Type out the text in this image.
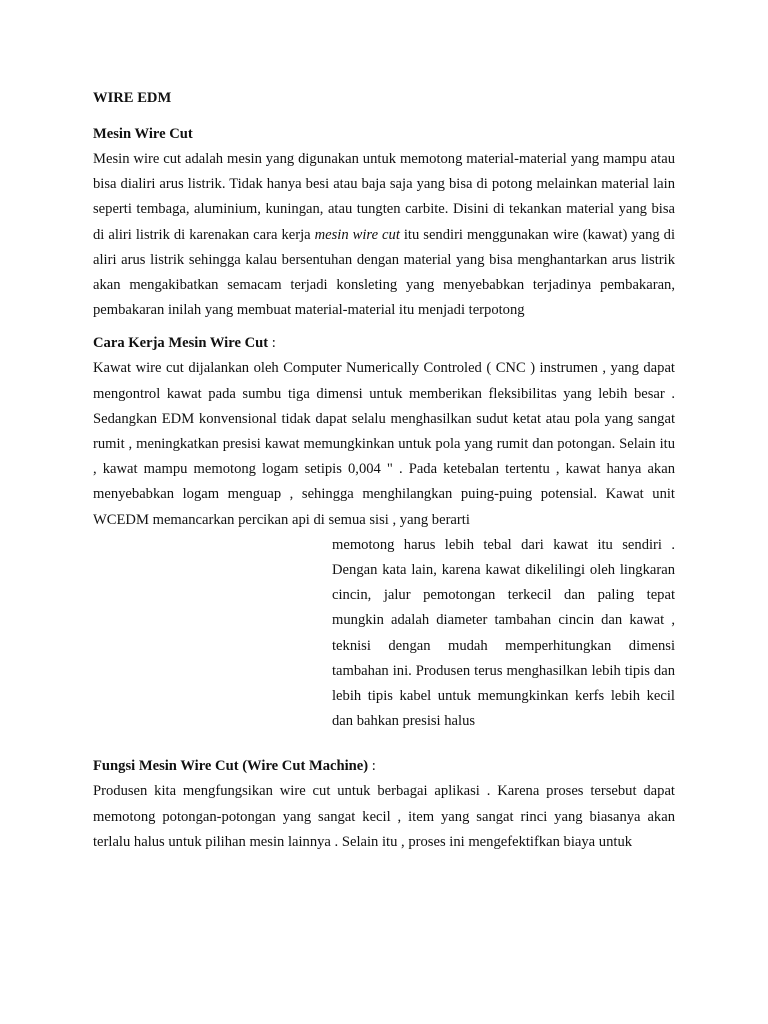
WIRE EDM
Mesin Wire Cut

Mesin wire cut adalah mesin yang digunakan untuk memotong material-material yang mampu atau bisa dialiri arus listrik. Tidak hanya besi atau baja saja yang bisa di potong melainkan material lain seperti tembaga, aluminium, kuningan, atau tungten carbite. Disini di tekankan material yang bisa di aliri listrik di karenakan cara kerja mesin wire cut itu sendiri menggunakan wire (kawat) yang di aliri arus listrik sehingga kalau bersentuhan dengan material yang bisa menghantarkan arus listrik akan mengakibatkan semacam terjadi konsleting yang menyebabkan terjadinya pembakaran, pembakaran inilah yang membuat material-material itu menjadi terpotong

Cara Kerja Mesin Wire Cut :

Kawat wire cut dijalankan oleh Computer Numerically Controled ( CNC ) instrumen , yang dapat mengontrol kawat pada sumbu tiga dimensi untuk memberikan fleksibilitas yang lebih besar . Sedangkan EDM konvensional tidak dapat selalu menghasilkan sudut ketat atau pola yang sangat rumit , meningkatkan presisi kawat memungkinkan untuk pola yang rumit dan potongan. Selain itu , kawat mampu memotong logam setipis 0,004 " . Pada ketebalan tertentu , kawat hanya akan menyebabkan logam menguap , sehingga menghilangkan puing-puing potensial. Kawat unit WCEDM memancarkan percikan api di semua sisi , yang berarti

memotong harus lebih tebal dari kawat itu sendiri . Dengan kata lain, karena kawat dikelilingi oleh lingkaran cincin, jalur pemotongan terkecil dan paling tepat mungkin adalah diameter tambahan cincin dan kawat , teknisi dengan mudah memperhitungkan dimensi tambahan ini. Produsen terus menghasilkan lebih tipis dan lebih tipis kabel untuk memungkinkan kerfs lebih kecil dan bahkan presisi halus

Fungsi Mesin Wire Cut (Wire Cut Machine) :

Produsen kita mengfungsikan wire cut untuk berbagai aplikasi . Karena proses tersebut dapat memotong potongan-potongan yang sangat kecil , item yang sangat rinci yang biasanya akan terlalu halus untuk pilihan mesin lainnya . Selain itu , proses ini mengefektifkan biaya untuk
